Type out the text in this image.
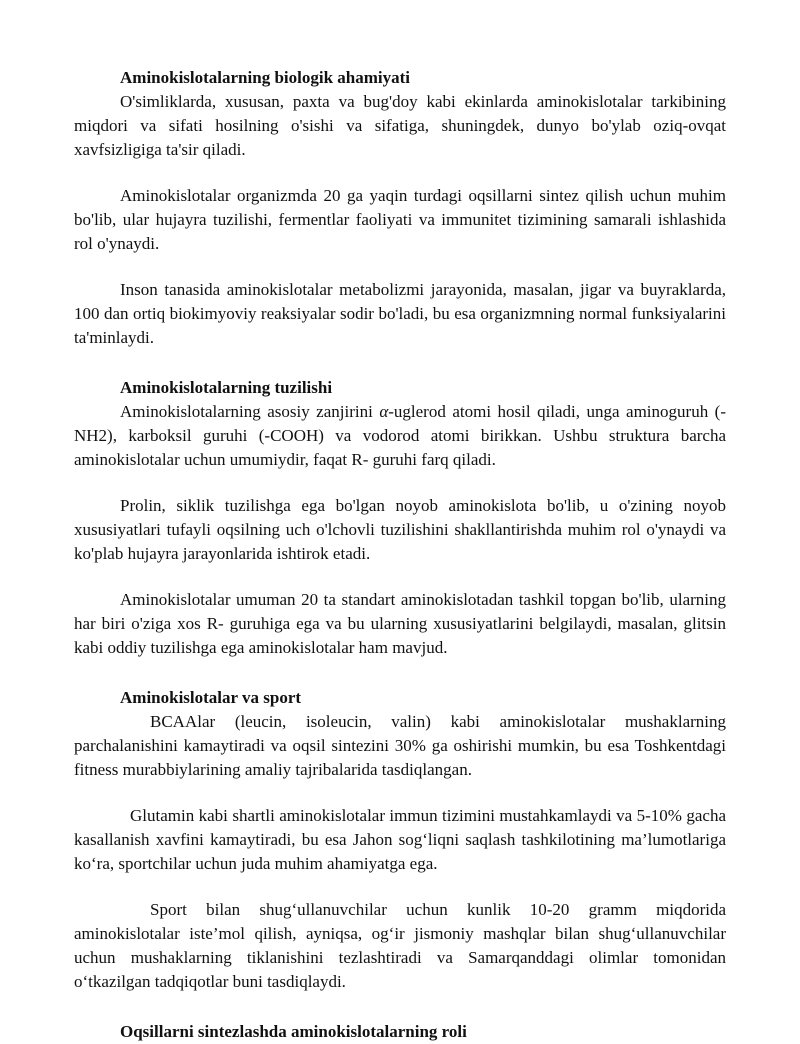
Aminokislotalarning biologik ahamiyati

O'simliklarda, xususan, paxta va bug'doy kabi ekinlarda aminokislotalar tarkibining miqdori va sifati hosilning o'sishi va sifatiga, shuningdek, dunyo bo'ylab oziq-ovqat xavfsizligiga ta'sir qiladi.

Aminokislotalar organizmda 20 ga yaqin turdagi oqsillarni sintez qilish uchun muhim bo'lib, ular hujayra tuzilishi, fermentlar faoliyati va immunitet tizimining samarali ishlashida rol o'ynaydi.

Inson tanasida aminokislotalar metabolizmi jarayonida, masalan, jigar va buyraklarda, 100 dan ortiq biokimyoviy reaksiyalar sodir bo'ladi, bu esa organizmning normal funksiyalarini ta'minlaydi.

Aminokislotalarning tuzilishi

Aminokislotalarning asosiy zanjirini α-uglerod atomi hosil qiladi, unga aminoguruh (-NH2), karboksil guruhi (-COOH) va vodorod atomi birikkan. Ushbu struktura barcha aminokislotalar uchun umumiydir, faqat R- guruhi farq qiladi.

Prolin, siklik tuzilishga ega bo'lgan noyob aminokislota bo'lib, u o'zining noyob xususiyatlari tufayli oqsilning uch o'lchovli tuzilishini shakllantirishda muhim rol o'ynaydi va ko'plab hujayra jarayonlarida ishtirok etadi.

Aminokislotalar umuman 20 ta standart aminokislotadan tashkil topgan bo'lib, ularning har biri o'ziga xos R- guruhiga ega va bu ularning xususiyatlarini belgilaydi, masalan, glitsin kabi oddiy tuzilishga ega aminokislotalar ham mavjud.

Aminokislotalar va sport

BCAAlar (leucin, isoleucin, valin) kabi aminokislotalar mushaklarning parchalanishini kamaytiradi va oqsil sintezini 30% ga oshirishi mumkin, bu esa Toshkentdagi fitness murabbiylarining amaliy tajribalarida tasdiqlangan.

Glutamin kabi shartli aminokislotalar immun tizimini mustahkamlaydi va 5-10% gacha kasallanish xavfini kamaytiradi, bu esa Jahon sog‘liqni saqlash tashkilotining ma’lumotlariga ko‘ra, sportchilar uchun juda muhim ahamiyatga ega.

Sport bilan shug‘ullanuvchilar uchun kunlik 10-20 gramm miqdorida aminokislotalar iste’mol qilish, ayniqsa, og‘ir jismoniy mashqlar bilan shug‘ullanuvchilar uchun mushaklarning tiklanishini tezlashtiradi va Samarqanddagi olimlar tomonidan o‘tkazilgan tadqiqotlar buni tasdiqlaydi.

Oqsillarni sintezlashda aminokislotalarning roli
